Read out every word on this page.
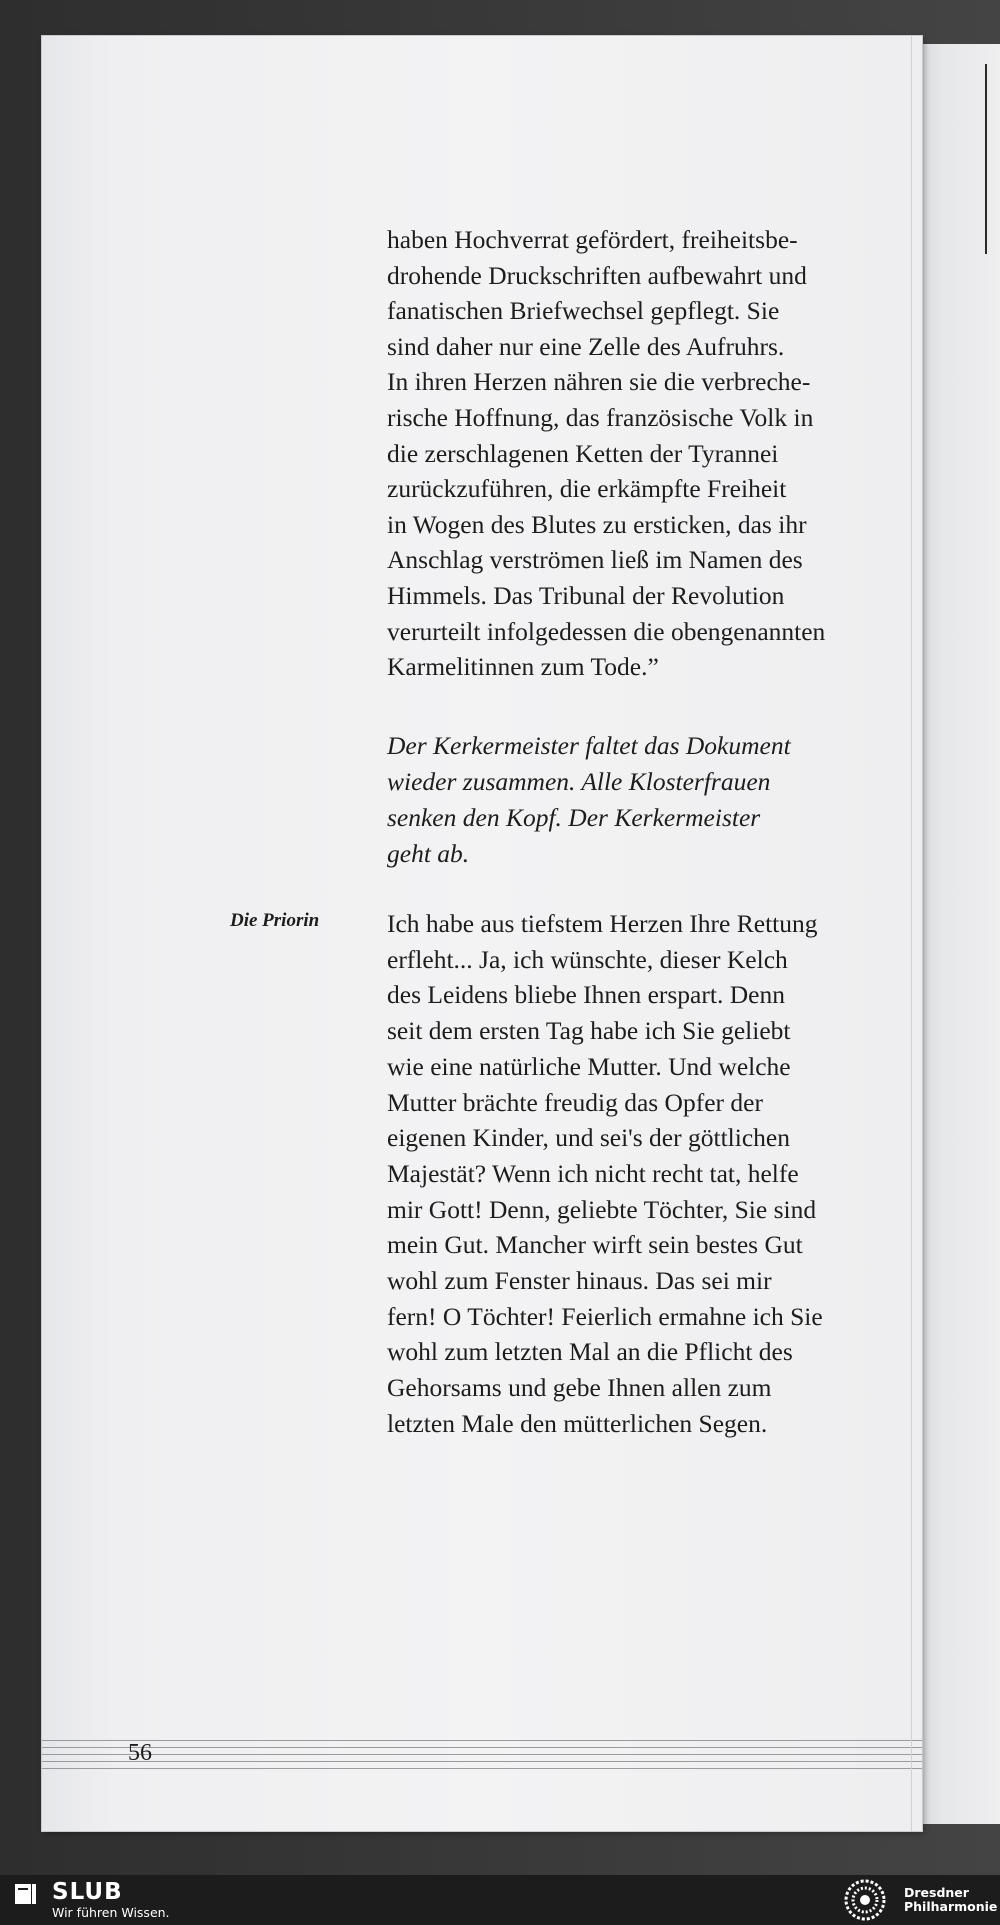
haben Hochverrat gefördert, freiheitsbe-
drohende Druckschriften aufbewahrt und
fanatischen Briefwechsel gepflegt. Sie
sind daher nur eine Zelle des Aufruhrs.
In ihren Herzen nähren sie die verbreche-
rische Hoffnung, das französische Volk in
die zerschlagenen Ketten der Tyrannei
zurückzuführen, die erkämpfte Freiheit
in Wogen des Blutes zu ersticken, das ihr
Anschlag verströmen ließ im Namen des
Himmels. Das Tribunal der Revolution
verurteilt infolgedessen die obengenannten
Karmelitinnen zum Tode.”
Der Kerkermeister faltet das Dokument
wieder zusammen. Alle Klosterfrauen
senken den Kopf. Der Kerkermeister
geht ab.
Die Priorin	Ich habe aus tiefstem Herzen Ihre Rettung
erfleht... Ja, ich wünschte, dieser Kelch
des Leidens bliebe Ihnen erspart. Denn
seit dem ersten Tag habe ich Sie geliebt
wie eine natürliche Mutter. Und welche
Mutter brächte freudig das Opfer der
eigenen Kinder, und sei's der göttlichen
Majestät? Wenn ich nicht recht tat, helfe
mir Gott! Denn, geliebte Töchter, Sie sind
mein Gut. Mancher wirft sein bestes Gut
wohl zum Fenster hinaus. Das sei mir
fern! O Töchter! Feierlich ermahne ich Sie
wohl zum letzten Mal an die Pflicht des
Gehorsams und gebe Ihnen allen zum
letzten Male den mütterlichen Segen.
56
SLUB
Wir führen Wissen.
Dresdner
Philharmonie
